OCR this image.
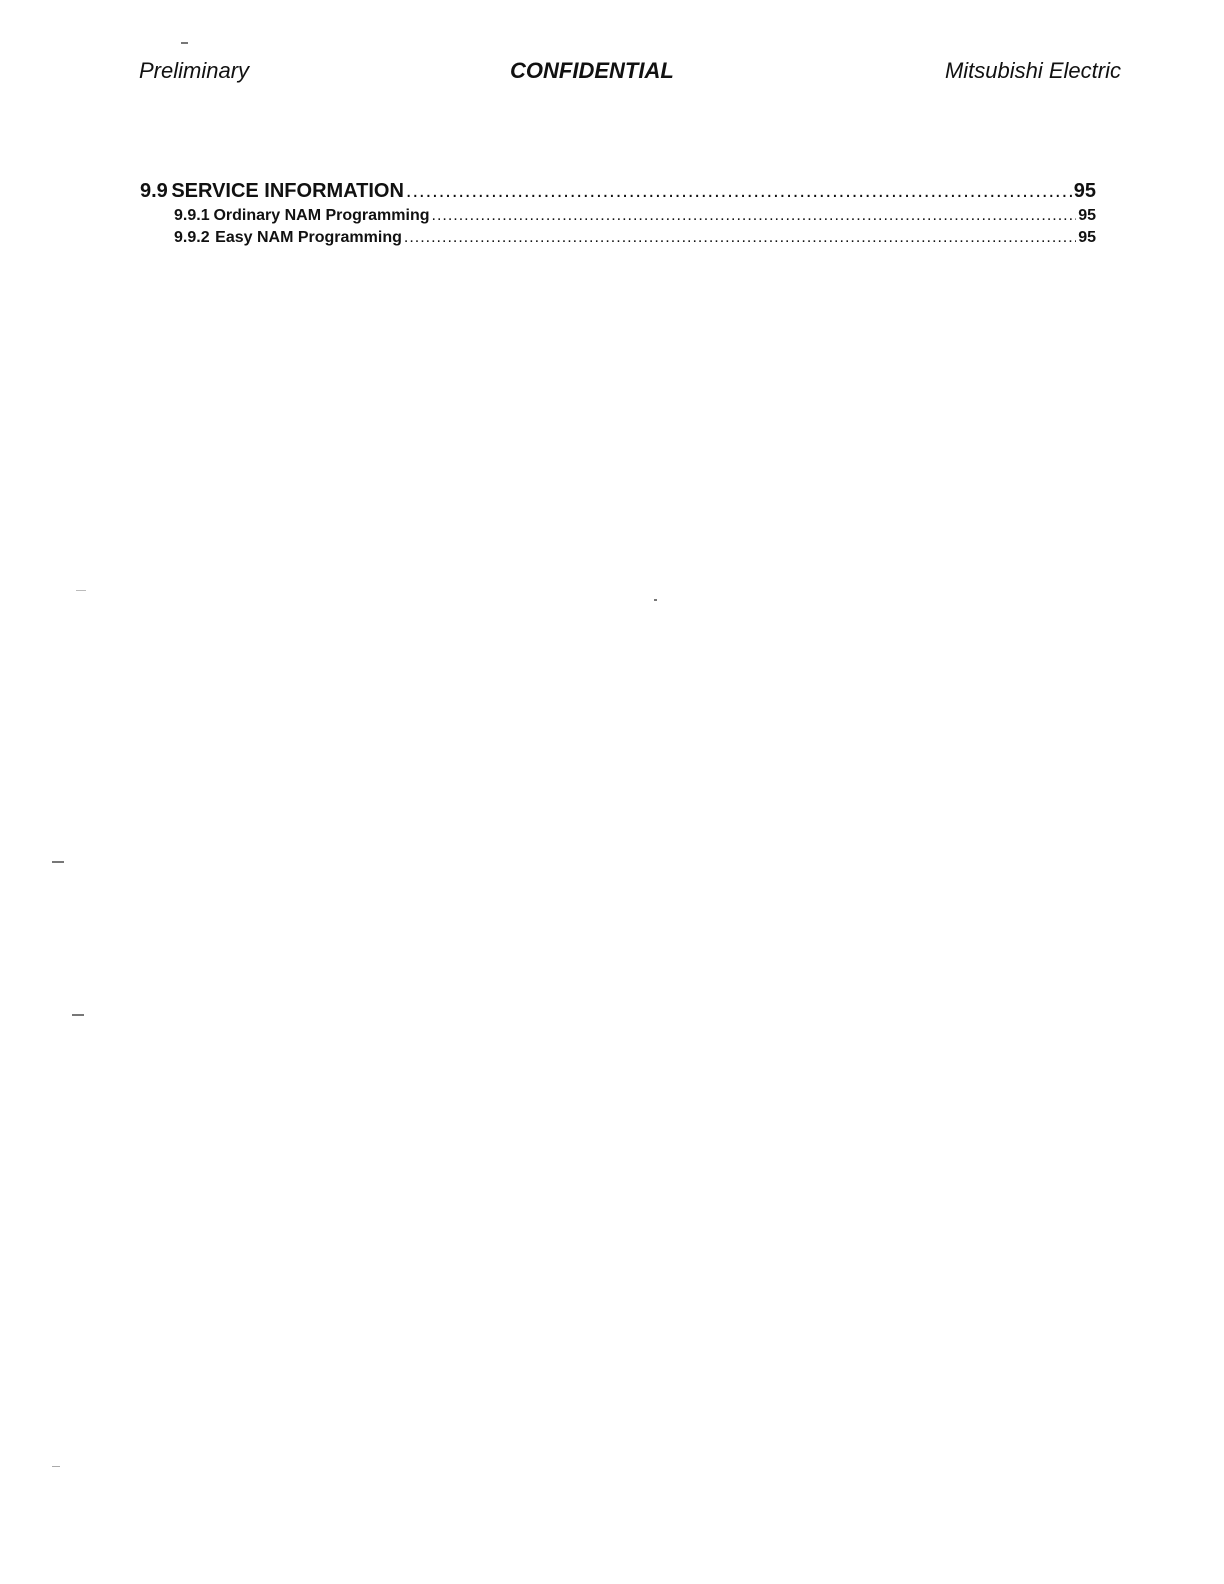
Preliminary	CONFIDENTIAL	Mitsubishi Electric
9.9 SERVICE INFORMATION .....	95
9.9.1 Ordinary NAM Programming .....	95
9.9.2 Easy NAM Programming .....	95
